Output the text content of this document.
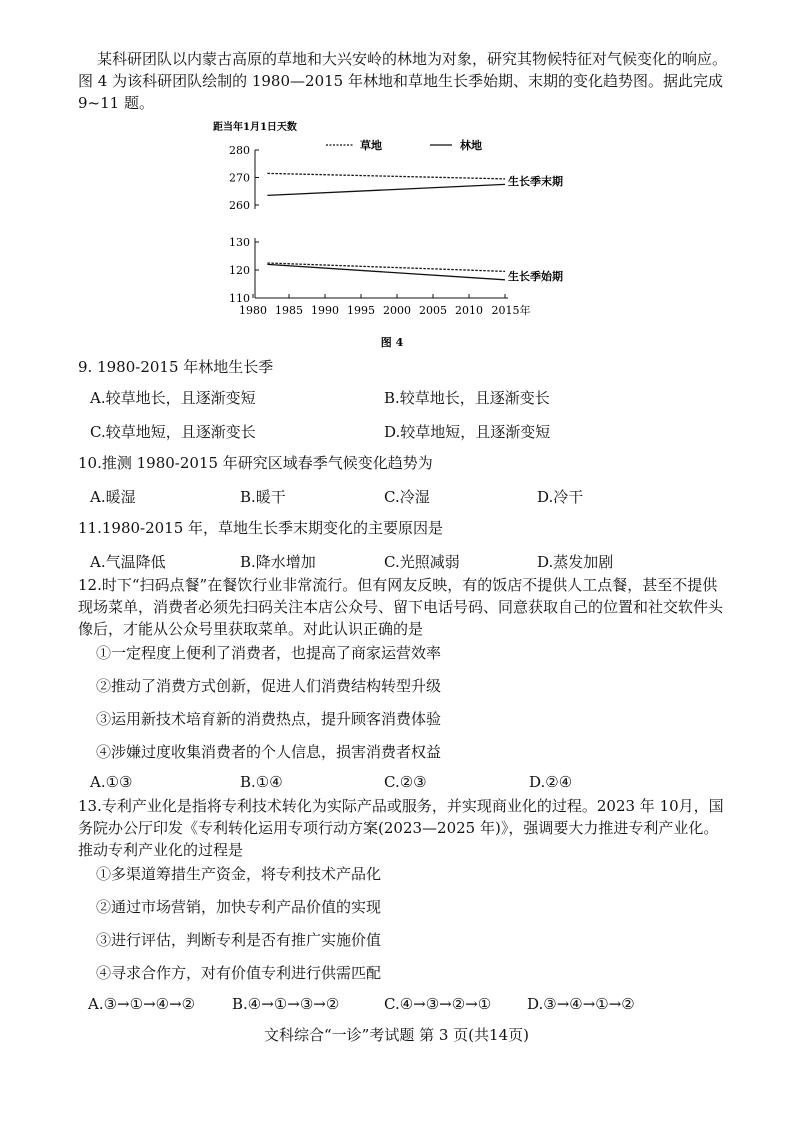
某科研团队以内蒙古高原的草地和大兴安岭的林地为对象，研究其物候特征对气候变化的响应。 图 4 为该科研团队绘制的 1980—2015 年林地和草地生长季始期、末期的变化趋势图。据此完成 9~11 题。
距当年1月1日天数
草地	林地
260
270
280
110
120
130
1980 1985 1990 1995 2000 2005 2010 2015年
生长季末期
生长季始期
图 4
9. 1980-2015 年林地生长季
A.较草地长，且逐渐变短	B.较草地长，且逐渐变长
C.较草地短，且逐渐变长	D.较草地短，且逐渐变短
10.推测 1980-2015 年研究区域春季气候变化趋势为
A.暖湿	B.暖干	C.冷湿	D.冷干
11.1980-2015 年，草地生长季末期变化的主要原因是
A.气温降低	B.降水增加	C.光照减弱	D.蒸发加剧
12.时下“扫码点餐”在餐饮行业非常流行。但有网友反映，有的饭店不提供人工点餐，甚至不提供现场菜单，消费者必须先扫码关注本店公众号、留下电话号码、同意获取自己的位置和社交软件头像后，才能从公众号里获取菜单。对此认识正确的是
①一定程度上便利了消费者，也提高了商家运营效率
②推动了消费方式创新，促进人们消费结构转型升级
③运用新技术培育新的消费热点，提升顾客消费体验
④涉嫌过度收集消费者的个人信息，损害消费者权益
A.①③	B.①④	C.②③	D.②④
13.专利产业化是指将专利技术转化为实际产品或服务，并实现商业化的过程。2023 年 10月，国务院办公厅印发《专利转化运用专项行动方案(2023—2025 年)》，强调要大力推进专利产业化。推动专利产业化的过程是
①多渠道筹措生产资金，将专利技术产品化
②通过市场营销，加快专利产品价值的实现
③进行评估，判断专利是否有推广实施价值
④寻求合作方，对有价值专利进行供需匹配
A.③→①→④→② B.④→①→③→②	C.④→③→②→① D.③→④→①→②
文科综合“一诊”考试题 第 3 页(共14页)
